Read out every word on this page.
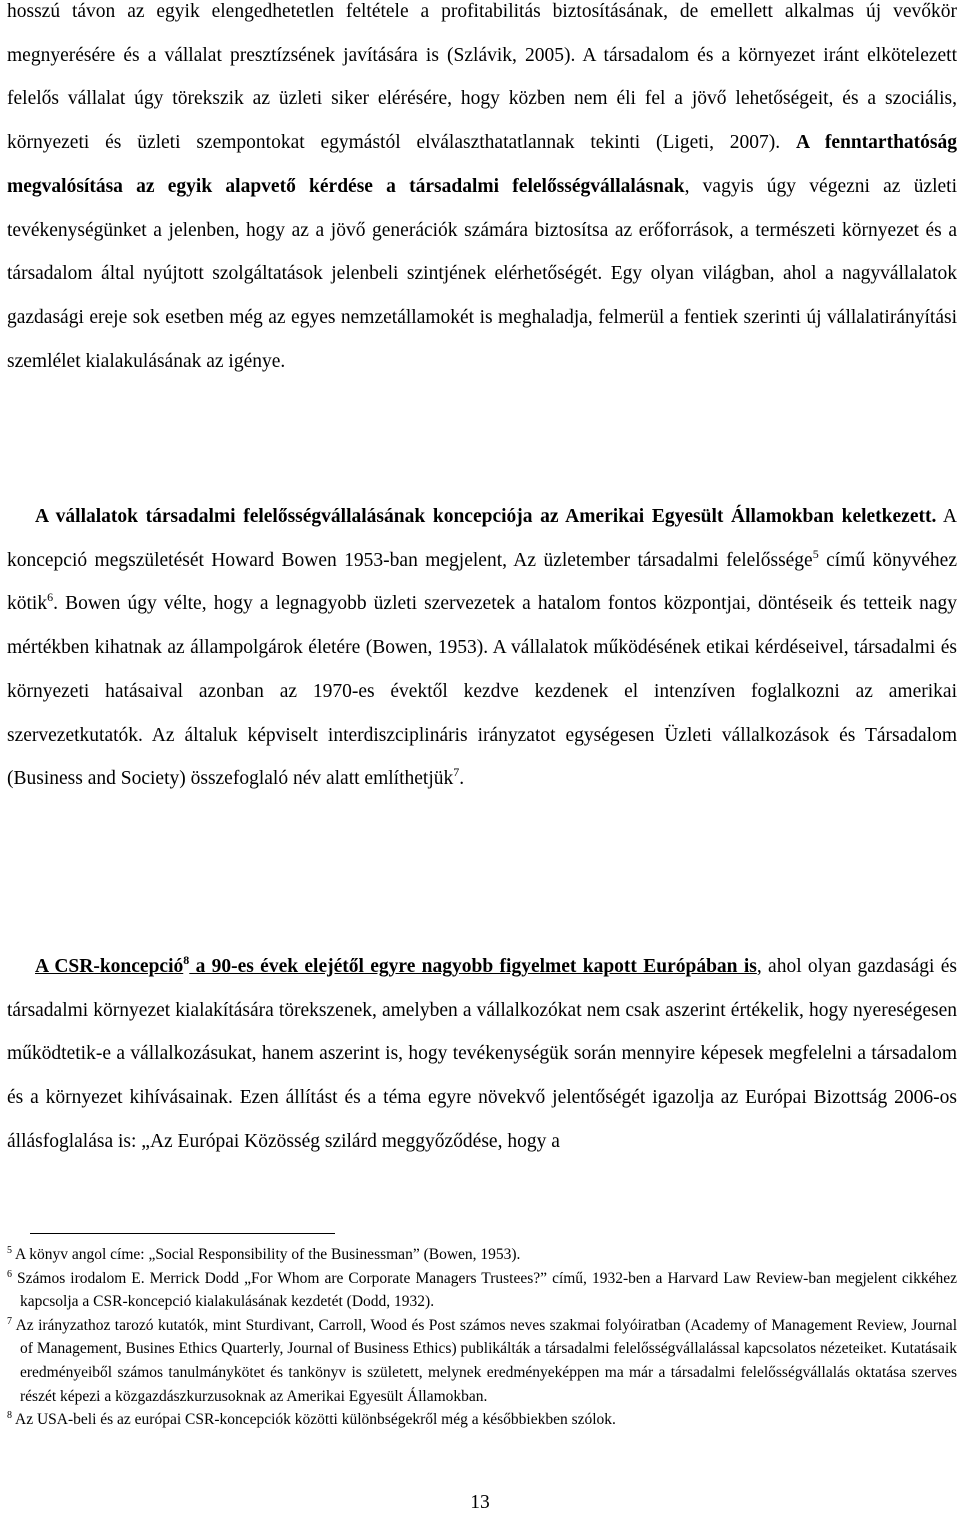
hosszú távon az egyik elengedhetetlen feltétele a profitabilitás biztosításának, de emellett alkalmas új vevőkör megnyerésére és a vállalat presztízsének javítására is (Szlávik, 2005). A társadalom és a környezet iránt elkötelezett felelős vállalat úgy törekszik az üzleti siker elérésére, hogy közben nem éli fel a jövő lehetőségeit, és a szociális, környezeti és üzleti szempontokat egymástól elválaszthatatlannak tekinti (Ligeti, 2007). A fenntarthatóság megvalósítása az egyik alapvető kérdése a társadalmi felelősségvállalásnak, vagyis úgy végezni az üzleti tevékenységünket a jelenben, hogy az a jövő generációk számára biztosítsa az erőforrások, a természeti környezet és a társadalom által nyújtott szolgáltatások jelenbeli szintjének elérhetőségét. Egy olyan világban, ahol a nagyvállalatok gazdasági ereje sok esetben még az egyes nemzetállamokét is meghaladja, felmerül a fentiek szerinti új vállalatirányítási szemlélet kialakulásának az igénye.

A vállalatok társadalmi felelősségvállalásának koncepciója az Amerikai Egyesült Államokban keletkezett. A koncepció megszületését Howard Bowen 1953-ban megjelent, Az üzletember társadalmi felelőssége$^5$ című könyvéhez kötik$^6$. Bowen úgy vélte, hogy a legnagyobb üzleti szervezetek a hatalom fontos központjai, döntéseik és tetteik nagy mértékben kihatnak az állampolgárok életére (Bowen, 1953). A vállalatok működésének etikai kérdéseivel, társadalmi és környezeti hatásaival azonban az 1970-es évektől kezdve kezdenek el intenzíven foglalkozni az amerikai szervezetkutatók. Az általuk képviselt interdiszciplináris irányzatot egységesen Üzleti vállalkozások és Társadalom (Business and Society) összefoglaló név alatt említhetjük$^7$.

A CSR-koncepció$^8$ a 90-es évek elejétől egyre nagyobb figyelmet kapott Európában is, ahol olyan gazdasági és társadalmi környezet kialakítására törekszenek, amelyben a vállalkozókat nem csak aszerint értékelik, hogy nyereségesen működtetik-e a vállalkozásukat, hanem aszerint is, hogy tevékenységük során mennyire képesek megfelelni a társadalom és a környezet kihívásainak. Ezen állítást és a téma egyre növekvő jelentőségét igazolja az Európai Bizottság 2006-os állásfoglalása is: „Az Európai Közösség szilárd meggyőződése, hogy a

$^5$ A könyv angol címe: „Social Responsibility of the Businessman” (Bowen, 1953).

$^6$ Számos irodalom E. Merrick Dodd „For Whom are Corporate Managers Trustees?” című, 1932-ben a Harvard Law Review-ban megjelent cikkéhez kapcsolja a CSR-koncepció kialakulásának kezdetét (Dodd, 1932).

$^7$ Az irányzathoz tarozó kutatók, mint Sturdivant, Carroll, Wood és Post számos neves szakmai folyóiratban (Academy of Management Review, Journal of Management, Busines Ethics Quarterly, Journal of Business Ethics) publikálták a társadalmi felelősségvállalással kapcsolatos nézeteiket. Kutatásaik eredményeiből számos tanulmánykötet és tankönyv is született, melynek eredményeképpen ma már a társadalmi felelősségvállalás oktatása szerves részét képezi a közgazdászkurzusoknak az Amerikai Egyesült Államokban.

$^8$ Az USA-beli és az európai CSR-koncepciók közötti különbségekről még a későbbiekben szólok.

13
